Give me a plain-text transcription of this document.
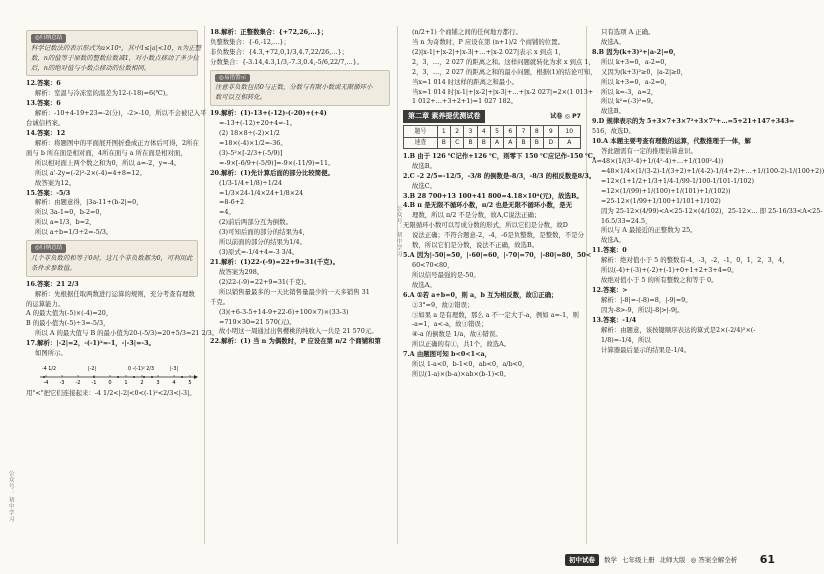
◎ 归纳总结
科学记数法的表示形式为a×10ⁿ，其中1≤|a|<10，n为正整
数，n的值等于原数的整数位数减1，对小数点移动了多少位
后，n的绝对值与小数点移动的位数相同。
12.答案：6
解析：室温与冷冻室的温差为12-(-18)=6(℃)。
13.答案：6
解析：-10+4-19+23=-2(分)，-2>-10，所以不会被记入平
台诚信档案。
14.答案：12
解析：将题图中的平面展开图折叠成正方体后可得，2所在
面与 b 所在面是相对面，4所在面与 a 所在面是相对面，
所以相对面上两个数之和为0，所以 a=-2，y=-4。
所以 a'-2y=(-2)²-2×(-4)=4+8=12。
故答案为12。
15.答案：-5/3
解析：由题意得，|3a-11+(b-2|=0，
所以 3a-1=0，b-2=0，
所以 a=1/3，b=2，
所以 a÷b=1/3÷2=-5/3。
◎ 归纳总结
几个非负数的和等于0时，这几个非负数都为0，可利用此
条件求参数值。
16.答案：21 2/3
解析：先根据任取两数进行运算的规则，充分考查有理数
的运算能力。
A 的最大值为(-5)×(-4)=20，
B 的最小值为(-5)÷3=-5/3，
所以 A 的最大值与 B 的最小值为20-(-5/3)=20+5/3=21 2/3。
17.解析：|-2|=2，-(-1)²=-1，-|-3|=-3。
如图所示。
-4 -3 -2 -1 0	1	2	3	4	5
-4 1/2	|-2|	0 -(-1)² 2/3	|-3|
用"<"把它们连接起来：-4 1/2<|-2|<0<(-1)²<2/3<|-3|。
18.解析：正整数集合：{+72,26,…}；
负整数集合：{-6,-12,…}；
非负数集合：{4.3,+72,0,1/3,4.7,22/26,…}；
分数集合：{-3.14,4.3,1/3,-7.3,0.4,-5/6,22/7,…}。
◎ 易错警示
注意非负数包括0与正数，分数与有限小数或无限循环小
数可以互相转化。
19.解析：(1)-13+(-12)-(-20)+(+4)
=-13+(-12)+20+4=-1。
(2) 18×8÷(-2)×1/2
=18×(-4)×1/2=-36。
(3)-5²×[-2/3+(-5/9)]
=-9×[-6/9+(-5/9)]=-9×(-11/9)=11。
20.解析：(1)先计算后面的部分比较简便。
(1/3-1/4+1/8)÷1/24
=1/3×24-1/4×24+1/8×24
=8-6+2
=4。
(2)前后两部分互为倒数。
(3)可知后面的部分的结果为4，
所以前面的部分的结果为1/4。
(3)原式=-1/4+4=-3 3/4。
21.解析：(1)22-(-9)=22+9=31(千克)。
故答案为298。
(2)22-(-9)=22+9=31(千克)。
所以销售量最多的一天比销售量最少的一天多销售 31
千克。
(3)(+6-3-5+14-9+22-6)+100×7)×(33-3)
=719×30=21 570(元)。
故小明这一周通过出售樱桃的纯收入一共是 21 570元。
22.解析：(1) 当 n 为偶数时，P 应设在第 n/2 个商铺和第
(n/2+1) 个商铺之间的任何地方都行。
当 n 为奇数时，P 应设在第 (n+1)/2 个商铺的位置。
(2)|x-1|+|x-2|+|x-3|+…+|x-2 027|表示 x 到点 1，
2，3，…，2 027 的距离之和。这样问题就转化为求 x 到点 1，
2，3，…，2 027 的距离之和的最小问题，根据(1)的结论可知，
当x=1 014 时这样的距离之和最小。
当x=1 014 时|x-1|+|x-2|+|x-3|+…+|x-2 027|=2×(1 013+
1 012+…+3+2+1)=1 027 182。
第二章 素养提优测试卷	试卷 ◎ P7
题号	1	2	3	4	5	6	7	8	9	10
速查	B	C	B	B	A	A	B	B	D	A
1.B 由于 126 ℃记作+126 ℃，则零下 150 ℃应记作-150 ℃。
故选B。
2.C -2 2/5=-12/5，-3/8 的倒数是-8/3，-8/3 的相反数是8/3。
故选C。
3.B 28 700+13 100+41 800=4.18×10⁴(元)，故选B。
4.B π 是无限不循环小数，π/2 也是无限不循环小数，是无
理数，所以 π/2 不是分数，故A,C说法正确；
无限循环小数可以写成分数的形式，所以它们是分数，故D
说法正确；不符合题意-2，-4，-6是负整数，是整数，不是分
数，所以它们是分数，说法不正确，故选B。
5.A 因为|-50|=50，|-60|=60，|-70|=70，|-80|=80，50<
60<70<80，
所以信号最强的是-50。
故选A。
6.A ①若 a+b=0，则 a，b 互为相反数，故①正确；
②3°=9，故②错误；
③如果 a 是有理数，那么 a 不一定大于-a，例如 a=-1，则
-a=1，a<-a，故③错误；
④-a 的倒数是 1/a，故④错误。
所以正确的有①，共1个，故选A。
7.A 由题图可知 b<0<1<a，
所以 1-a<0，b-1<0，ab<0，a/b<0，
所以(1-a)×(b-a)×ab×(b-1)<0。
只有选项 A 正确。
故选A。
8.B 因为(k+3)²+|a-2|=0，
所以 k+3=0，a-2=0，
又因为(k+3)²≥0，|a-2|≥0，
所以 k+3=0，a-2=0，
所以 k=-3，a=2，
所以 k²=(-3)²=9。
故选B。
9.D 规律表示的为 5+3×7+3×7²+3×7³+…=5+21+147+343=
516，故选D。
10.A 本题主要考查有理数的运算，代数推理于一体，解
答此题需有一定的推理估算意识。
A=48×(1/(3²-4)+1/(4²-4)+…+1/(100²-4))
=48×1/4×(1/(3-2)-1/(3+2)+1/(4-2)-1/(4+2)+…+1/(100-2)-1/(100+2))
=12×(1+1/2+1/3+1/4-1/99-1/100-1/101-1/102)
=12×(1/(99)+1/(100)+1/(101)+1/(102))
=25-12×(1/99+1/100+1/101+1/102)
因为 25-12×(4/99)<A<25-12×(4/102)，25-12×... 即 25-16/33<A<25-
16.5/33=24.5，
所以与 A 最接近的正整数为 25。
故选A。
11.答案：0
解析：绝对值小于 5 的整数有-4，-3，-2，-1，0，1，2，3，4，
所以(-4)+(-3)+(-2)+(-1)+0+1+2+3+4=0。
故绝对值小于 5 的所有整数之和等于 0。
12.答案：>
解析：|-8|=-(-8)=8，|-9|=9。
因为-8>-9，所以|-8|>|-9|。
13.答案：-1/4
解析：由题意，该按键顺序表达的算式是2×(-2/4)²×(-
1/8)=-1/4，所以
计算器最后显示的结果是-1/4。
公众号：初中学习
公众号：初中学习
初中试卷	数学 七年级上册 北师大版 ◎ 答案全解全析 61
